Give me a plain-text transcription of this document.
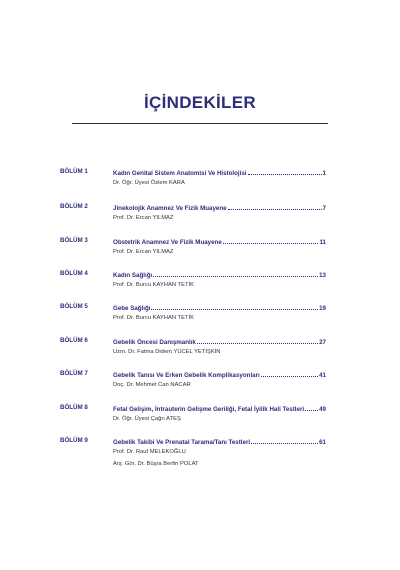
İÇİNDEKİLER
BÖLÜM 1	Kadın Genital Sistem Anatomisi Ve Histolojisi	1
Dr. Öğr. Üyesi Özlem KARA
BÖLÜM 2	Jinekolojik Anamnez Ve Fizik Muayene	7
Prof. Dr. Ercan YILMAZ
BÖLÜM 3	Obstetrik Anamnez Ve Fizik Muayene	11
Prof. Dr. Ercan YILMAZ
BÖLÜM 4	Kadın Sağlığı	13
Prof. Dr. Burcu KAYHAN TETİK
BÖLÜM 5	Gebe Sağlığı	19
Prof. Dr. Burcu KAYHAN TETİK
BÖLÜM 6	Gebelik Öncesi Danışmanlık	27
Uzm. Dr. Fatma Didem YÜCEL YETİŞKİN
BÖLÜM 7	Gebelik Tanısı Ve Erken Gebelik Komplikasyonları	41
Doç. Dr. Mehmet Can NACAR
BÖLÜM 8	Fetal Gelişim, İntrauterin Gelişme Geriliği, Fetal İyilik Hali Testleri 49
Dr. Öğr. Üyesi Çağrı ATEŞ
BÖLÜM 9	Gebelik Takibi Ve Prenatal Tarama/Tanı Testleri	61
Prof. Dr. Rauf MELEKOĞLU
Arş. Gör. Dr. Büşra Berfin POLAT
